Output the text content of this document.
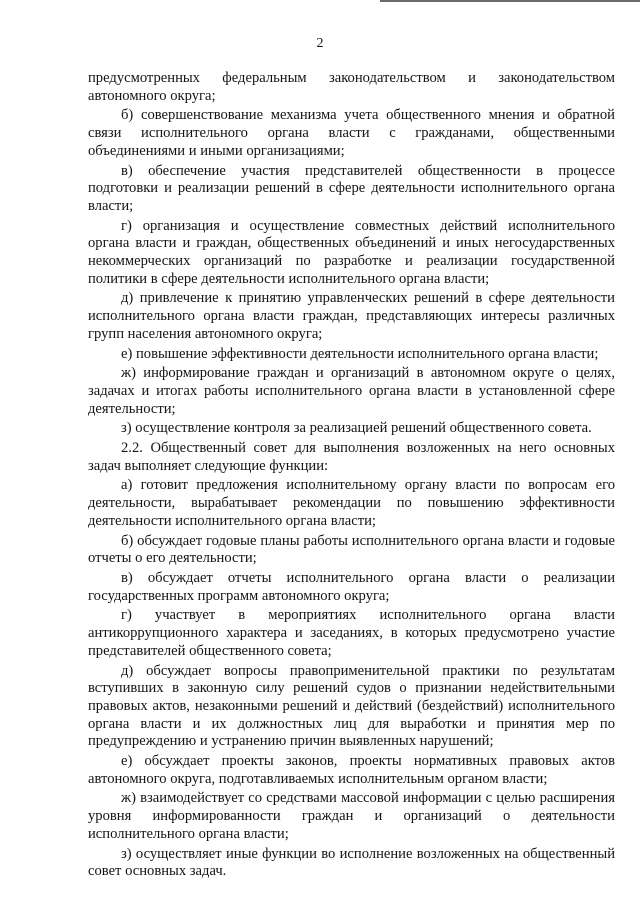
2

предусмотренных федеральным законодательством и законодательством автономного округа;

б) совершенствование механизма учета общественного мнения и обратной связи исполнительного органа власти с гражданами, общественными объединениями и иными организациями;

в) обеспечение участия представителей общественности в процессе подготовки и реализации решений в сфере деятельности исполнительного органа власти;

г) организация и осуществление совместных действий исполнительного органа власти и граждан, общественных объединений и иных негосударственных некоммерческих организаций по разработке и реализации государственной политики в сфере деятельности исполнительного органа власти;

д) привлечение к принятию управленческих решений в сфере деятельности исполнительного органа власти граждан, представляющих интересы различных групп населения автономного округа;

е) повышение эффективности деятельности исполнительного органа власти;

ж) информирование граждан и организаций в автономном округе о целях, задачах и итогах работы исполнительного органа власти в установленной сфере деятельности;

з) осуществление контроля за реализацией решений общественного совета.

2.2. Общественный совет для выполнения возложенных на него основных задач выполняет следующие функции:

а) готовит предложения исполнительному органу власти по вопросам его деятельности, вырабатывает рекомендации по повышению эффективности деятельности исполнительного органа власти;

б) обсуждает годовые планы работы исполнительного органа власти и годовые отчеты о его деятельности;

в) обсуждает отчеты исполнительного органа власти о реализации государственных программ автономного округа;

г) участвует в мероприятиях исполнительного органа власти антикоррупционного характера и заседаниях, в которых предусмотрено участие представителей общественного совета;

д) обсуждает вопросы правоприменительной практики по результатам вступивших в законную силу решений судов о признании недействительными правовых актов, незаконными решений и действий (бездействий) исполнительного органа власти и их должностных лиц для выработки и принятия мер по предупреждению и устранению причин выявленных нарушений;

е) обсуждает проекты законов, проекты нормативных правовых актов автономного округа, подготавливаемых исполнительным органом власти;

ж) взаимодействует со средствами массовой информации с целью расширения уровня информированности граждан и организаций о деятельности исполнительного органа власти;

з) осуществляет иные функции во исполнение возложенных на общественный совет основных задач.
